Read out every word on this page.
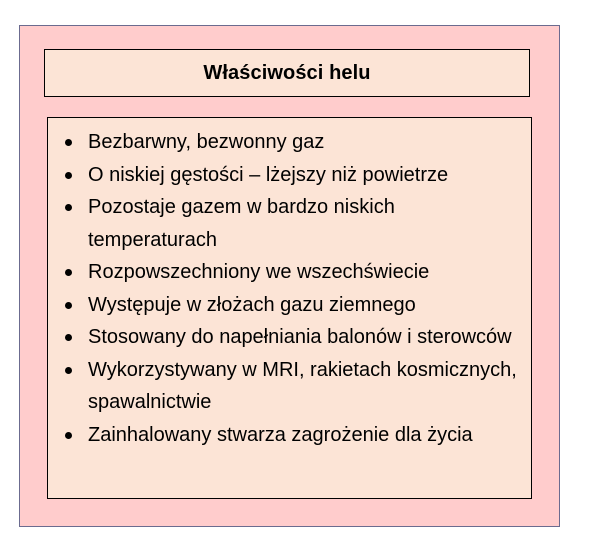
Właściwości helu
Bezbarwny, bezwonny gaz
O niskiej gęstości – lżejszy niż powietrze
Pozostaje gazem w bardzo niskich temperaturach
Rozpowszechniony we wszechświecie
Występuje w złożach gazu ziemnego
Stosowany do napełniania balonów i sterowców
Wykorzystywany w MRI, rakietach kosmicznych, spawalnictwie
Zainhalowany stwarza zagrożenie dla życia
